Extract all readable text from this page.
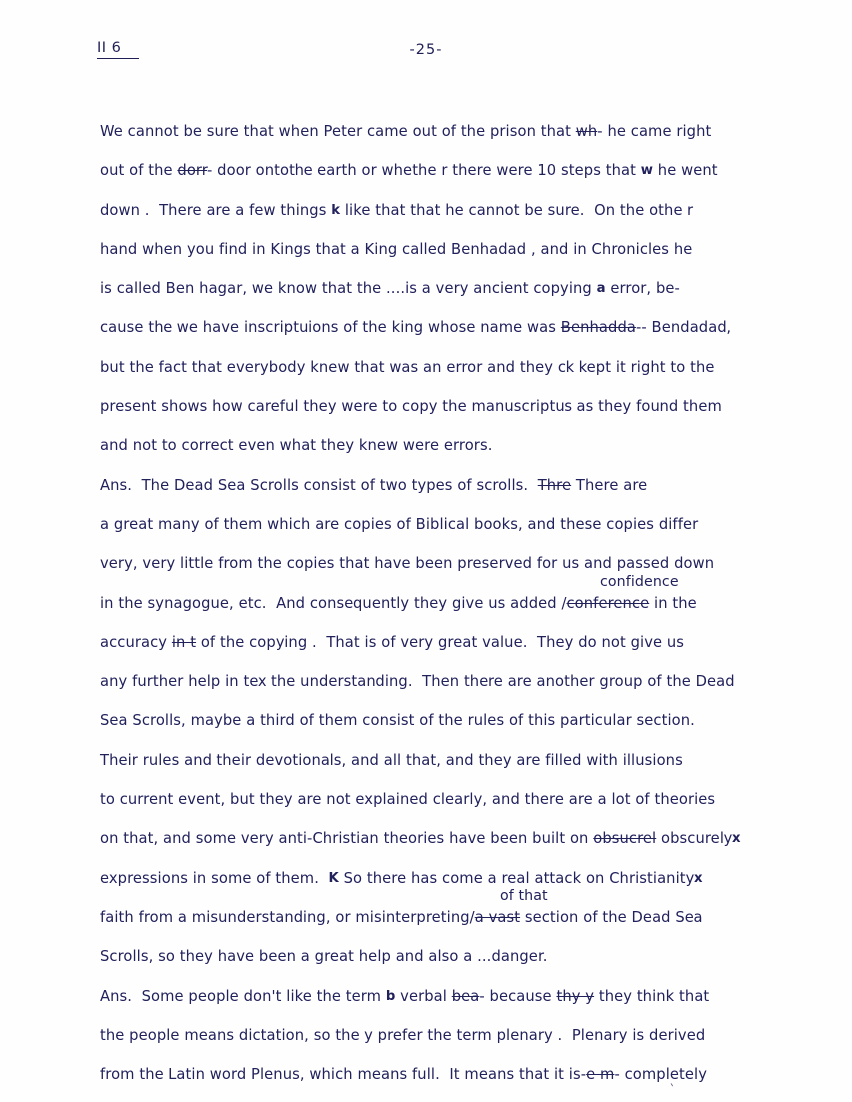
II 6	-25-
We cannot be sure that when Peter came out of the prison that wh- he came right
out of the dorr- door ontothe earth or whethe r there were 10 steps that w he went
down .  There are a few things k like that that he cannot be sure.  On the othe r
hand when you find in Kings that a King called Benhadad , and in Chronicles he
is called Ben hagar, we know that the ....is a very ancient copying a error, be-
cause the we have inscriptuions of the king whose name was Benhadda-- Bendadad,
but the fact that everybody knew that was an error and they ck kept it right to the
present shows how careful they were to copy the manuscriptus as they found them
and not to correct even what they knew were errors.
Ans.  The Dead Sea Scrolls consist of two types of scrolls.  Thre There are
a great many of them which are copies of Biblical books, and these copies differ
very, very little from the copies that have been preserved for us and passed down
confidence
in the synagogue, etc.  And consequently they give us added /conference in the
accuracy in t of the copying .  That is of very great value.  They do not give us
any further help in tex the understanding.  Then there are another group of the Dead
Sea Scrolls, maybe a third of them consist of the rules of this particular section.
Their rules and their devotionals, and all that, and they are filled with illusions
to current event, but they are not explained clearly, and there are a lot of theories
on that, and some very anti-Christian theories have been built on obsucrel obscurelyx
expressions in some of them.  K So there has come a real attack on Christianityx
of that
faith from a misunderstanding, or misinterpreting/a vast section of the Dead Sea
Scrolls, so they have been a great help and also a ...danger.
Ans.  Some people don't like the term b verbal bea- because thy y they think that
the people means dictation, so the y prefer the term plenary .  Plenary is derived
from the Latin word Plenus, which means full.  It means that it is-e m- completely
`
